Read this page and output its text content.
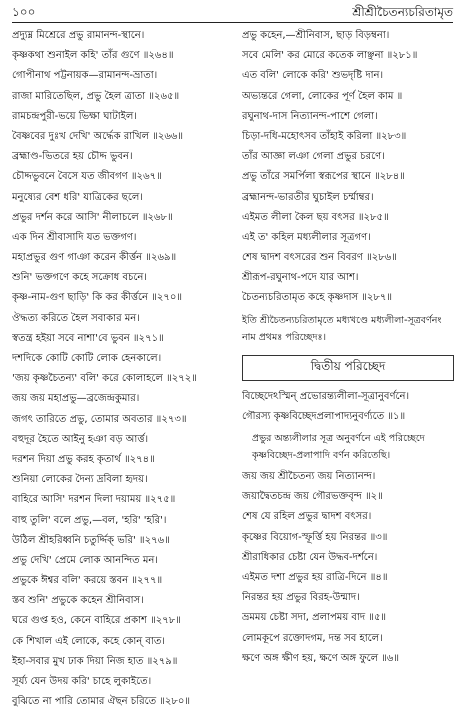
১০০	শ্রীশ্রীচৈতন্যচরিতামৃত
প্রদ্যুম্ন মিশ্রেরে প্রভু রামানন্দ-স্থানে।
কৃষ্ণকথা শুনাইল কহি' তাঁর গুণে ॥২৬৪॥
গোপীনাথ পট্টনায়ক—রামানন্দ-ভ্রাতা।
রাজা মারিতেছিল, প্রভু হৈল ত্রাতা ॥২৬৫॥
রামচন্দ্রপুরী-ভয়ে ভিক্ষা ঘাটাইল।
বৈষ্ণবের দুঃখ দেখি' অর্দ্ধেক রাখিল ॥২৬৬॥
ব্রহ্মাণ্ড-ভিতরে হয় চৌদ্দ ভুবন।
চৌদ্দভুবনে বৈসে যত জীবগণ ॥২৬৭॥
মনুষ্যের বেশ ধরি' যাত্রিকের ছলে।
প্রভুর দর্শন করে আসি' নীলাচলে ॥২৬৮॥
এক দিন শ্রীবাসাদি যত ভক্তগণ।
মহাপ্রভুর গুণ গাঞা করেন কীর্ত্তন ॥২৬৯॥
শুনি' ভক্তগণে কহে সক্রোধ বচনে।
কৃষ্ণ-নাম-গুণ ছাড়ি' কি কর কীর্ত্তনে ॥২৭০॥
ঔদ্ধত্য করিতে হৈল সবাকার মন।
স্বতন্ত্র হইয়া সবে নাশা'বে ভুবন ॥২৭১॥
দশদিকে কোটি কোটি লোক হেনকালে।
'জয় কৃষ্ণচৈতন্য' বলি' করে কোলাহলে ॥২৭২॥
জয় জয় মহাপ্রভু—ব্রজেন্দ্রকুমার।
জগৎ তারিতে প্রভু, তোমার অবতার ॥২৭৩॥
বহুদূর হৈতে আইনু হঞা বড় আর্ত্ত।
দরশন দিয়া প্রভু করহ কৃতার্থ ॥২৭৪॥
শুনিয়া লোকের দৈন্য দ্রবিলা হৃদয়।
বাহিরে আসি' দরশন দিলা দয়াময় ॥২৭৫॥
বাহু তুলি' বলে প্রভু,—বল, 'হরি' 'হরি'।
উঠিল শ্রীহরিধ্বনি চতুর্দ্দিক্ ভরি' ॥২৭৬॥
প্রভু দেখি' প্রেমে লোক আনন্দিত মন।
প্রভুকে ঈশ্বর বলি' করয়ে স্তবন ॥২৭৭॥
স্তব শুনি' প্রভুকে কহেন শ্রীনিবাস।
ঘরে গুপ্ত হও, কেনে বাহিরে প্রকাশ ॥২৭৮॥
কে শিখাল এই লোকে, কহে কোন্ বাত।
ইহা-সবার মুখ ঢাক দিয়া নিজ হাত ॥২৭৯॥
সূর্য্য যেন উদয় করি' চাহে লুকাইতে।
বুঝিতে না পারি তোমার ঐছন চরিতে ॥২৮০॥
প্রভু কহেন,—শ্রীনিবাস, ছাড় বিড়ম্বনা।
সবে মেলি' কর মোরে কতেক লাঞ্ছনা ॥২৮১॥
এত বলি' লোকে করি' শুভদৃষ্টি দান।
অভ্যন্তরে গেলা, লোকের পূর্ণ হৈল কাম ॥
রঘুনাথ-দাস নিত্যানন্দ-পাশে গেলা।
চিড়া-দধি-মহোৎসব তাঁহাই করিলা ॥২৮৩॥
তাঁর আজ্ঞা লঞা গেলা প্রভুর চরণে।
প্রভু তাঁরে সমর্পিলা স্বরূপের স্থানে ॥২৮৪॥
ব্রহ্মানন্দ-ভারতীর ঘুচাইল চর্ম্মাম্বর।
এইমত লীলা কৈল ছয় বৎসর ॥২৮৫॥
এই ত' কহিল মধ্যলীলার সূত্রগণ।
শেষ দ্বাদশ বৎসরের শুন বিবরণ ॥২৮৬॥
শ্রীরূপ-রঘুনাথ-পদে যার আশ।
চৈতন্যচরিতামৃত কহে কৃষ্ণদাস ॥২৮৭॥
ইতি শ্রীচৈতন্যচরিতামৃতে মধ্যখণ্ডে মধ্যলীলা-সূত্রবর্ণনং নাম প্রথমঃ পরিচ্ছেদঃ।
দ্বিতীয় পরিচ্ছেদ
বিচ্ছেদেঽস্মিন্ প্রভোরন্ত্যলীলা-সূত্রানুবর্ণনে।
গৌরস্য কৃষ্ণবিচ্ছেদপ্রলাপাদ্যনুবর্ণ্যতে ॥১॥
প্রভুর অন্ত্যলীলার সূত্র অনুবর্ণনে এই পরিচ্ছেদে কৃষ্ণবিচ্ছেদ-প্রলাপাদি বর্ণন করিতেছি।
জয় জয় শ্রীচৈতন্য জয় নিত্যানন্দ।
জয়াদ্বৈতচন্দ্র জয় গৌরভক্তবৃন্দ ॥২॥
শেষ যে রহিল প্রভুর দ্বাদশ বৎসর।
কৃষ্ণের বিয়োগ-স্ফূর্ত্তি হয় নিরন্তর ॥৩॥
শ্রীরাধিকার চেষ্টা যেন উদ্ধব-দর্শনে।
এইমত দশা প্রভুর হয় রাত্রি-দিনে ॥৪॥
নিরন্তর হয় প্রভুর বিরহ-উন্মাদ।
ভ্রমময় চেষ্টা সদা, প্রলাপময় বাদ ॥৫॥
লোমকূপে রক্তোদগম, দন্ত সব হালে।
ক্ষণে অঙ্গ ক্ষীণ হয়, ক্ষণে অঙ্গ ফুলে ॥৬॥
